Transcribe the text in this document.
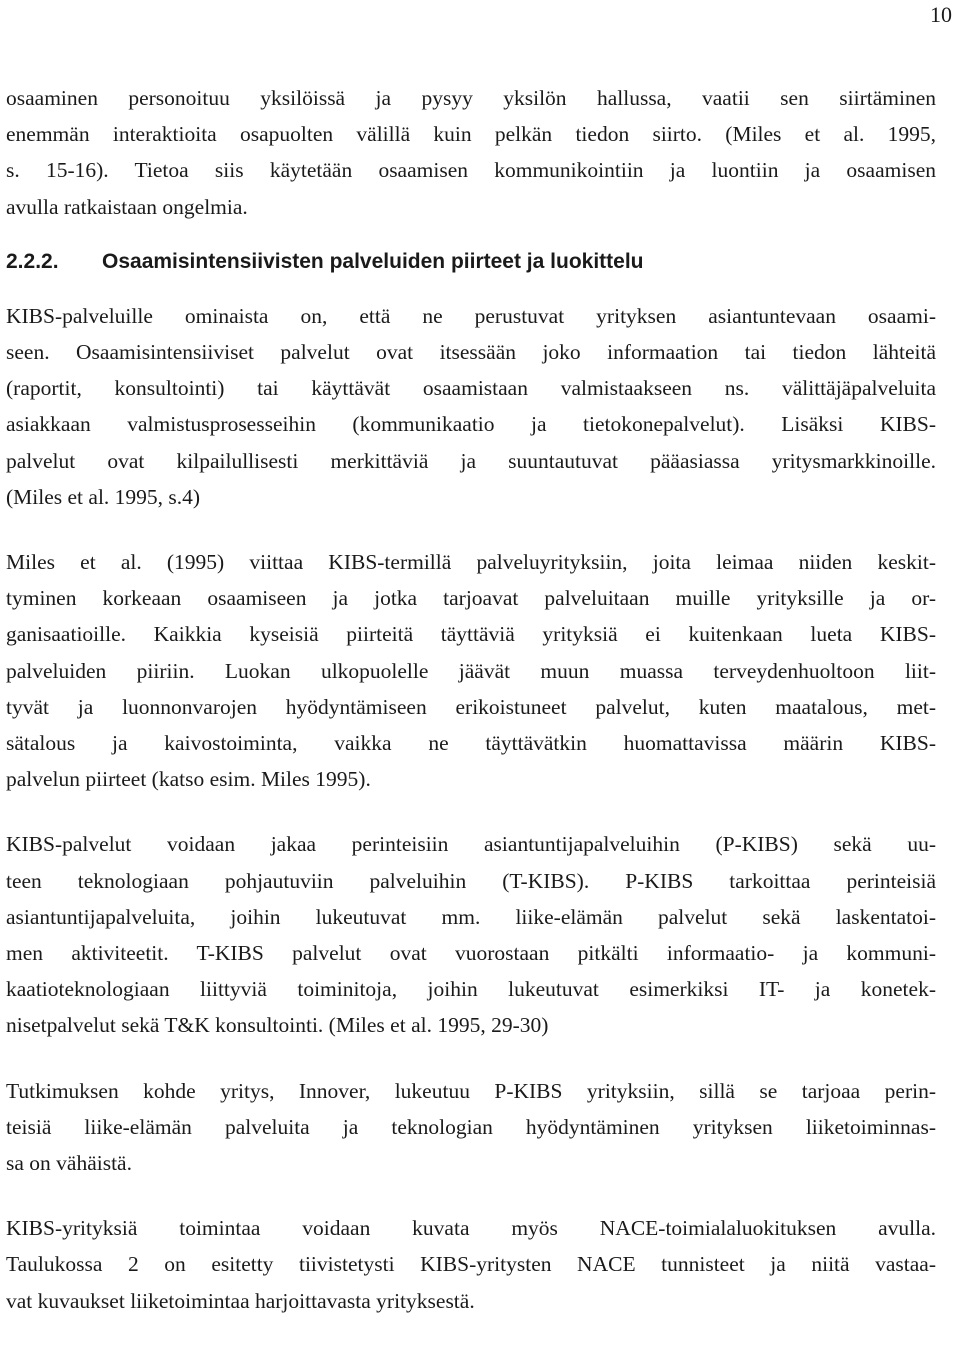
10

osaaminen personoituu yksilöissä ja pysyy yksilön hallussa, vaatii sen siirtäminen
enemmän interaktioita osapuolten välillä kuin pelkän tiedon siirto. (Miles et al. 1995,
s. 15-16). Tietoa siis käytetään osaamisen kommunikointiin ja luontiin ja osaamisen
avulla ratkaistaan ongelmia.

2.2.2. Osaamisintensiivisten palveluiden piirteet ja luokittelu

KIBS-palveluille ominaista on, että ne perustuvat yrityksen asiantuntevaan osaami-
seen. Osaamisintensiiviset palvelut ovat itsessään joko informaation tai tiedon lähteitä
(raportit, konsultointi) tai käyttävät osaamistaan valmistaakseen ns. välittäjäpalveluita
asiakkaan valmistusprosesseihin (kommunikaatio ja tietokonepalvelut). Lisäksi KIBS-
palvelut ovat kilpailullisesti merkittäviä ja suuntautuvat pääasiassa yritysmarkkinoille.
(Miles et al. 1995, s.4)

Miles et al. (1995) viittaa KIBS-termillä palveluyrityksiin, joita leimaa niiden keskit-
tyminen korkeaan osaamiseen ja jotka tarjoavat palveluitaan muille yrityksille ja or-
ganisaatioille. Kaikkia kyseisiä piirteitä täyttäviä yrityksiä ei kuitenkaan lueta KIBS-
palveluiden piiriin. Luokan ulkopuolelle jäävät muun muassa terveydenhuoltoon liit-
tyvät ja luonnonvarojen hyödyntämiseen erikoistuneet palvelut, kuten maatalous, met-
sätalous ja kaivostoiminta, vaikka ne täyttävätkin huomattavissa määrin KIBS-
palvelun piirteet (katso esim. Miles 1995).

KIBS-palvelut voidaan jakaa perinteisiin asiantuntijapalveluihin (P-KIBS) sekä uu-
teen teknologiaan pohjautuviin palveluihin (T-KIBS). P-KIBS tarkoittaa perinteisiä
asiantuntijapalveluita, joihin lukeutuvat mm. liike-elämän palvelut sekä laskentatoi-
men aktiviteetit. T-KIBS palvelut ovat vuorostaan pitkälti informaatio- ja kommuni-
kaatioteknologiaan liittyviä toiminitoja, joihin lukeutuvat esimerkiksi IT- ja konetek-
nisetpalvelut sekä T&K konsultointi. (Miles et al. 1995, 29-30)

Tutkimuksen kohde yritys, Innover, lukeutuu P-KIBS yrityksiin, sillä se tarjoaa perin-
teisiä liike-elämän palveluita ja teknologian hyödyntäminen yrityksen liiketoiminnas-
sa on vähäistä.

KIBS-yrityksiä toimintaa voidaan kuvata myös NACE-toimialaluokituksen avulla.
Taulukossa 2 on esitetty tiivistetysti KIBS-yritysten NACE tunnisteet ja niitä vastaa-
vat kuvaukset liiketoimintaa harjoittavasta yrityksestä.
